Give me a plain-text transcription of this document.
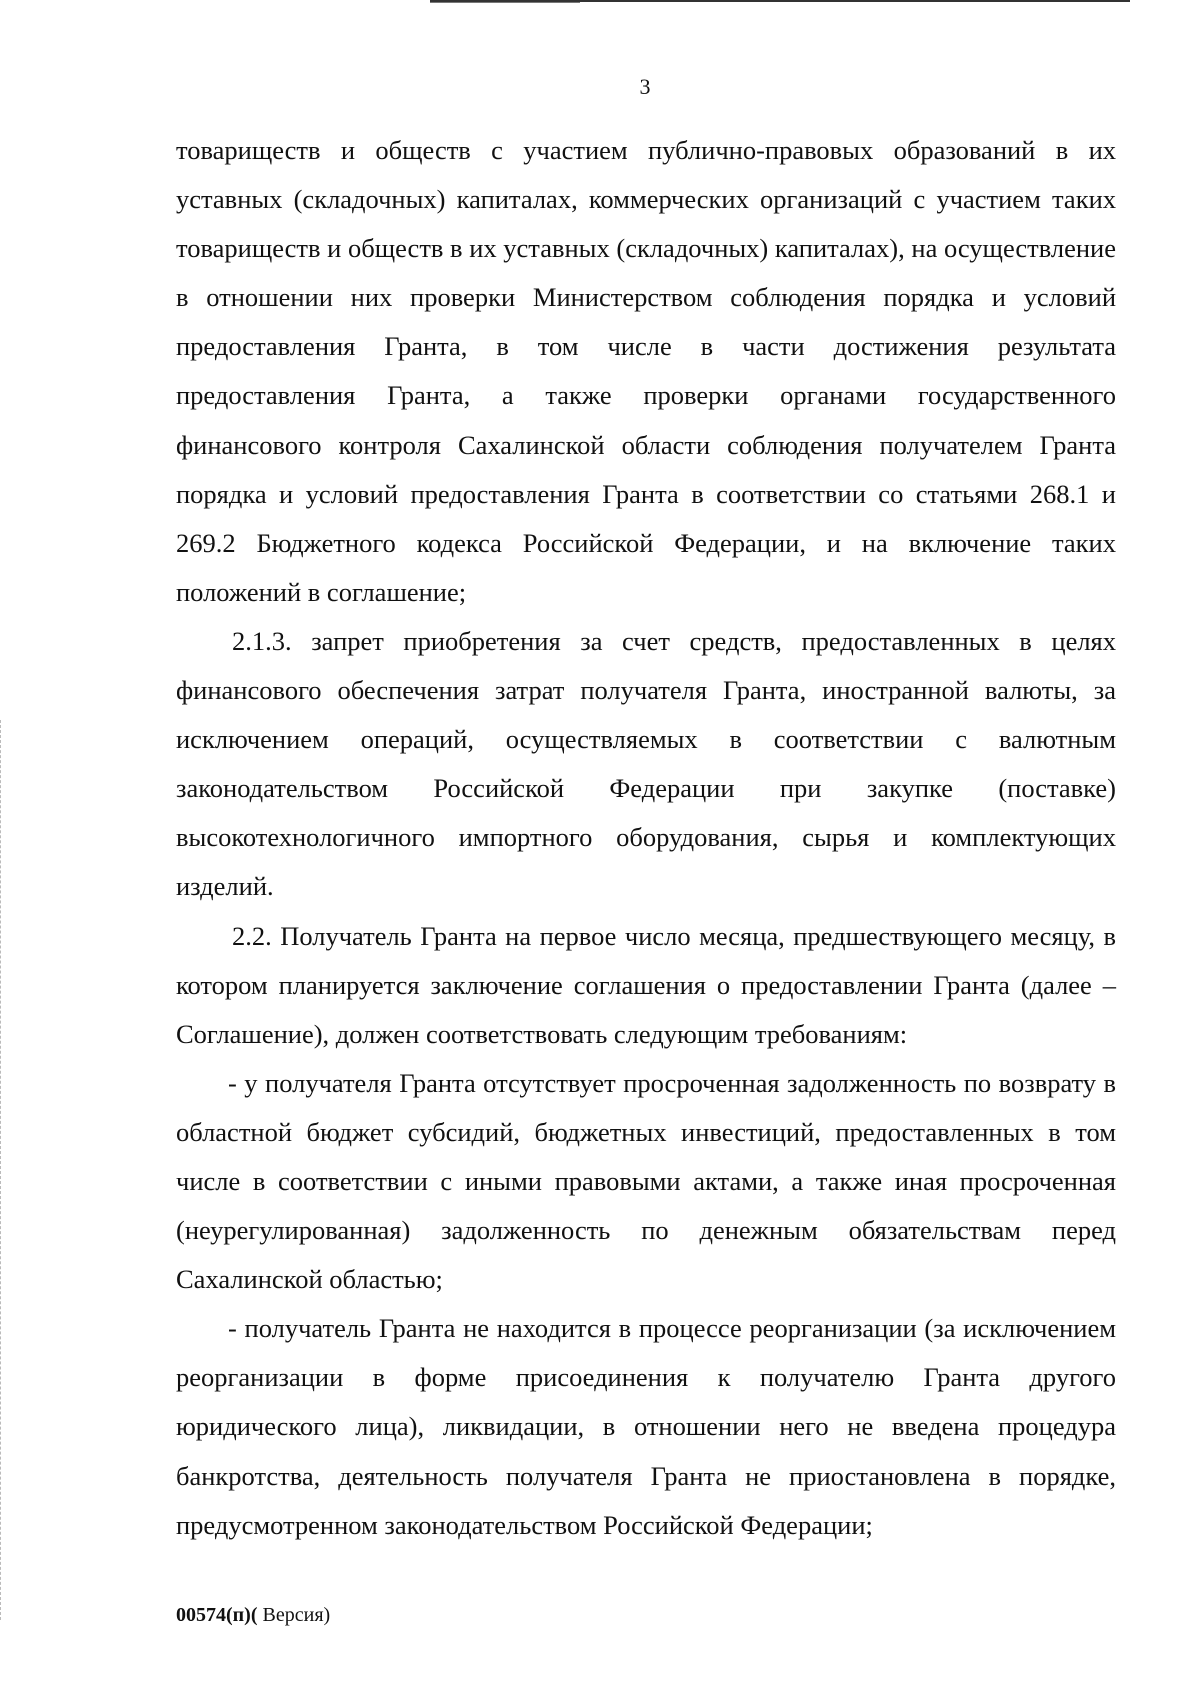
3

товариществ и обществ с участием публично-правовых образований в их уставных (складочных) капиталах, коммерческих организаций с участием таких товариществ и обществ в их уставных (складочных) капиталах), на осуществление в отношении них проверки Министерством соблюдения порядка и условий предоставления Гранта, в том числе в части достижения результата предоставления Гранта, а также проверки органами государственного финансового контроля Сахалинской области соблюдения получателем Гранта порядка и условий предоставления Гранта в соответствии со статьями 268.1 и 269.2 Бюджетного кодекса Российской Федерации, и на включение таких положений в соглашение;

2.1.3. запрет приобретения за счет средств, предоставленных в целях финансового обеспечения затрат получателя Гранта, иностранной валюты, за исключением операций, осуществляемых в соответствии с валютным законодательством Российской Федерации при закупке (поставке) высокотехнологичного импортного оборудования, сырья и комплектующих изделий.

2.2. Получатель Гранта на первое число месяца, предшествующего месяцу, в котором планируется заключение соглашения о предоставлении Гранта (далее – Соглашение), должен соответствовать следующим требованиям:

- у получателя Гранта отсутствует просроченная задолженность по возврату в областной бюджет субсидий, бюджетных инвестиций, предоставленных в том числе в соответствии с иными правовыми актами, а также иная просроченная (неурегулированная) задолженность по денежным обязательствам перед Сахалинской областью;

- получатель Гранта не находится в процессе реорганизации (за исключением реорганизации в форме присоединения к получателю Гранта другого юридического лица), ликвидации, в отношении него не введена процедура банкротства, деятельность получателя Гранта не приостановлена в порядке, предусмотренном законодательством Российской Федерации;

00574(п)( Версия)
